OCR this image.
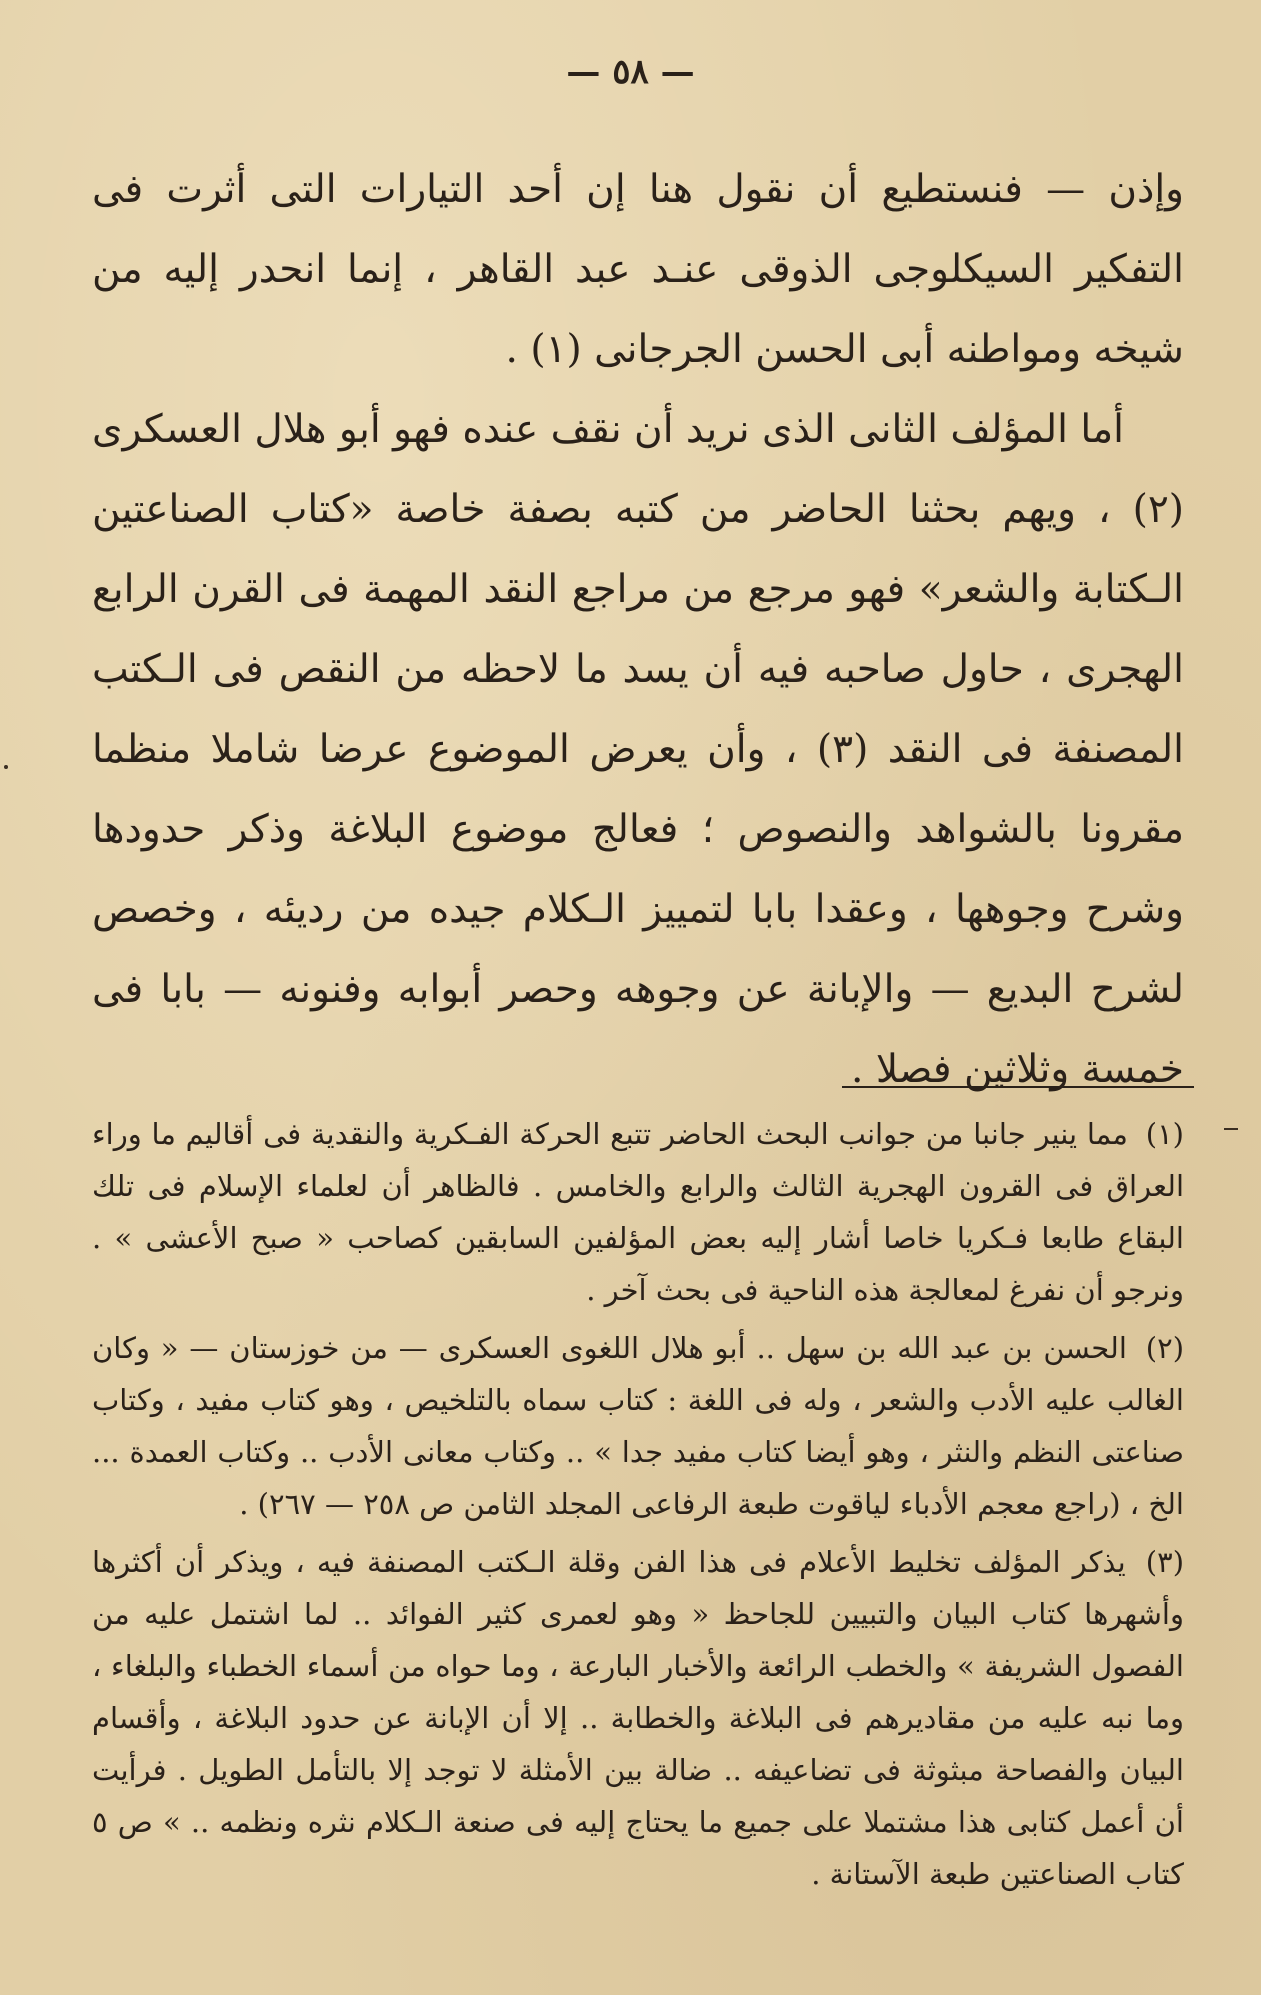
— ٥٨ —

وإذن — فنستطيع أن نقول هنا إن أحد التيارات التى أثرت فى التفكير السيكلوجى الذوقى عنـد عبد القاهر ، إنما انحدر إليه من شيخه ومواطنه أبى الحسن الجرجانى (١) .

أما المؤلف الثانى الذى نريد أن نقف عنده فهو أبو هلال العسكرى (٢) ، ويهم بحثنا الحاضر من كتبه بصفة خاصة «كتاب الصناعتين الـكتابة والشعر» فهو مرجع من مراجع النقد المهمة فى القرن الرابع الهجرى ، حاول صاحبه فيه أن يسد ما لاحظه من النقص فى الـكتب المصنفة فى النقد (٣) ، وأن يعرض الموضوع عرضا شاملا منظما مقرونا بالشواهد والنصوص ؛ فعالج موضوع البلاغة وذكر حدودها وشرح وجوهها ، وعقدا بابا لتمييز الـكلام جيده من رديئه ، وخصص لشرح البديع — والإبانة عن وجوهه وحصر أبوابه وفنونه — بابا فى خمسة وثلاثين فصلا .

(١) مما ينير جانبا من جوانب البحث الحاضر تتبع الحركة الفـكرية والنقدية فى أقاليم ما وراء العراق فى القرون الهجرية الثالث والرابع والخامس . فالظاهر أن لعلماء الإسلام فى تلك البقاع طابعا فـكريا خاصا أشار إليه بعض المؤلفين السابقين كصاحب « صبح الأعشى » . ونرجو أن نفرغ لمعالجة هذه الناحية فى بحث آخر .

(٢) الحسن بن عبد الله بن سهل .. أبو هلال اللغوى العسكرى — من خوزستان — « وكان الغالب عليه الأدب والشعر ، وله فى اللغة : كتاب سماه بالتلخيص ، وهو كتاب مفيد ، وكتاب صناعتى النظم والنثر ، وهو أيضا كتاب مفيد جدا » .. وكتاب معانى الأدب .. وكتاب العمدة ... الخ ، (راجع معجم الأدباء لياقوت طبعة الرفاعى المجلد الثامن ص ٢٥٨ — ٢٦٧) .

(٣) يذكر المؤلف تخليط الأعلام فى هذا الفن وقلة الـكتب المصنفة فيه ، ويذكر أن أكثرها وأشهرها كتاب البيان والتبيين للجاحظ « وهو لعمرى كثير الفوائد .. لما اشتمل عليه من الفصول الشريفة » والخطب الرائعة والأخبار البارعة ، وما حواه من أسماء الخطباء والبلغاء ، وما نبه عليه من مقاديرهم فى البلاغة والخطابة .. إلا أن الإبانة عن حدود البلاغة ، وأقسام البيان والفصاحة مبثوثة فى تضاعيفه .. ضالة بين الأمثلة لا توجد إلا بالتأمل الطويل . فرأيت أن أعمل كتابى هذا مشتملا على جميع ما يحتاج إليه فى صنعة الـكلام نثره ونظمه .. » ص ٥ كتاب الصناعتين طبعة الآستانة .
